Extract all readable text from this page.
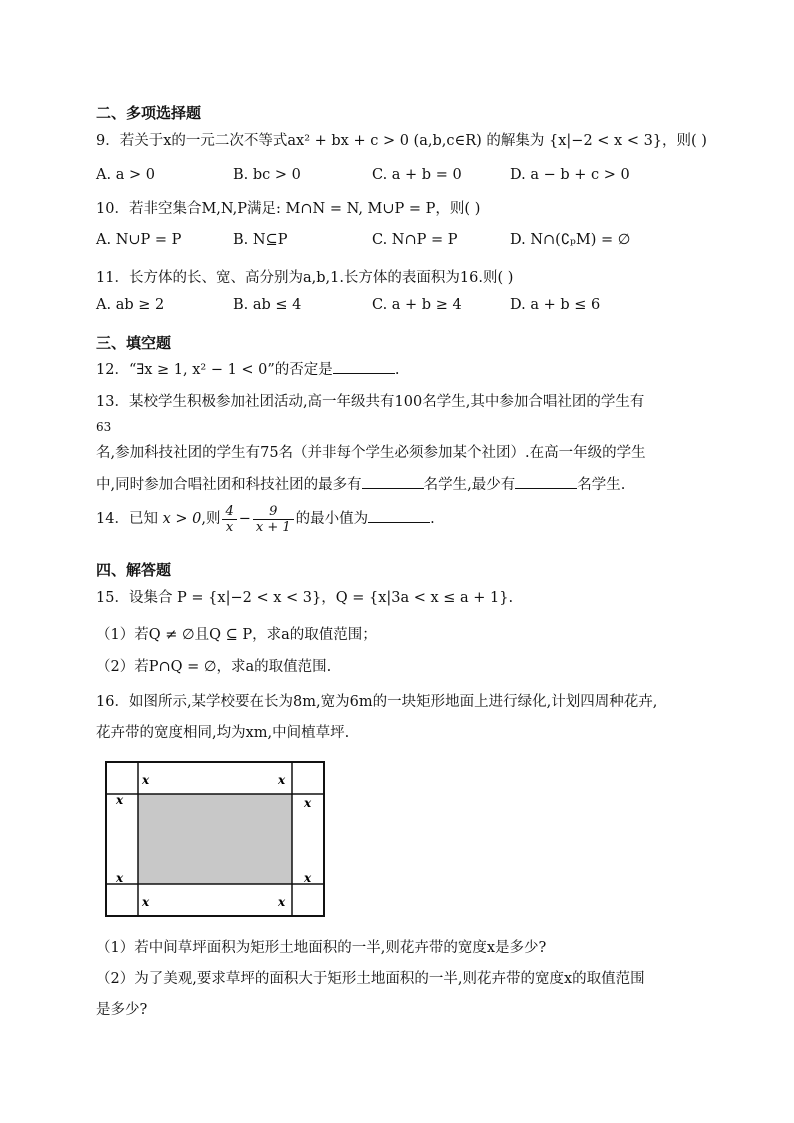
二、多项选择题
9．若关于x的一元二次不等式ax² + bx + c > 0 (a,b,c∈R) 的解集为 {x|−2 < x < 3}，则( )
A. a > 0	B. bc > 0	C. a + b = 0	D. a − b + c > 0
10．若非空集合M,N,P满足: M∩N = N, M∪P = P，则( )
A. N∪P = P	B. N⊆P	C. N∩P = P	D. N∩(∁ₚM) = ∅
11．长方体的长、宽、高分别为a,b,1.长方体的表面积为16.则( )
A. ab ≥ 2	B. ab ≤ 4	C. a + b ≥ 4	D. a + b ≤ 6
三、填空题
12．“∃x ≥ 1, x² − 1 < 0”的否定是	.
13．某校学生积极参加社团活动,高一年级共有100名学生,其中参加合唱社团的学生有
63
名,参加科技社团的学生有75名（并非每个学生必须参加某个社团）.在高一年级的学生
中,同时参加合唱社团和科技社团的最多有	名学生,最少有	名学生.
14．已知 x > 0,则 $\frac{4}{x} - \frac{9}{x + 1}$ 的最小值为	.
四、解答题
15．设集合 P = {x|−2 < x < 3}，Q = {x|3a < x ≤ a + 1}.
（1）若Q ≠ ∅且Q ⊆ P，求a的取值范围；
（2）若P∩Q = ∅，求a的取值范围.
16．如图所示,某学校要在长为8m,宽为6m的一块矩形地面上进行绿化,计划四周种花卉,
花卉带的宽度相同,均为xm,中间植草坪.
x	x
x	x
x	x
x	x
（1）若中间草坪面积为矩形土地面积的一半,则花卉带的宽度x是多少?
（2）为了美观,要求草坪的面积大于矩形土地面积的一半,则花卉带的宽度x的取值范围
是多少?
